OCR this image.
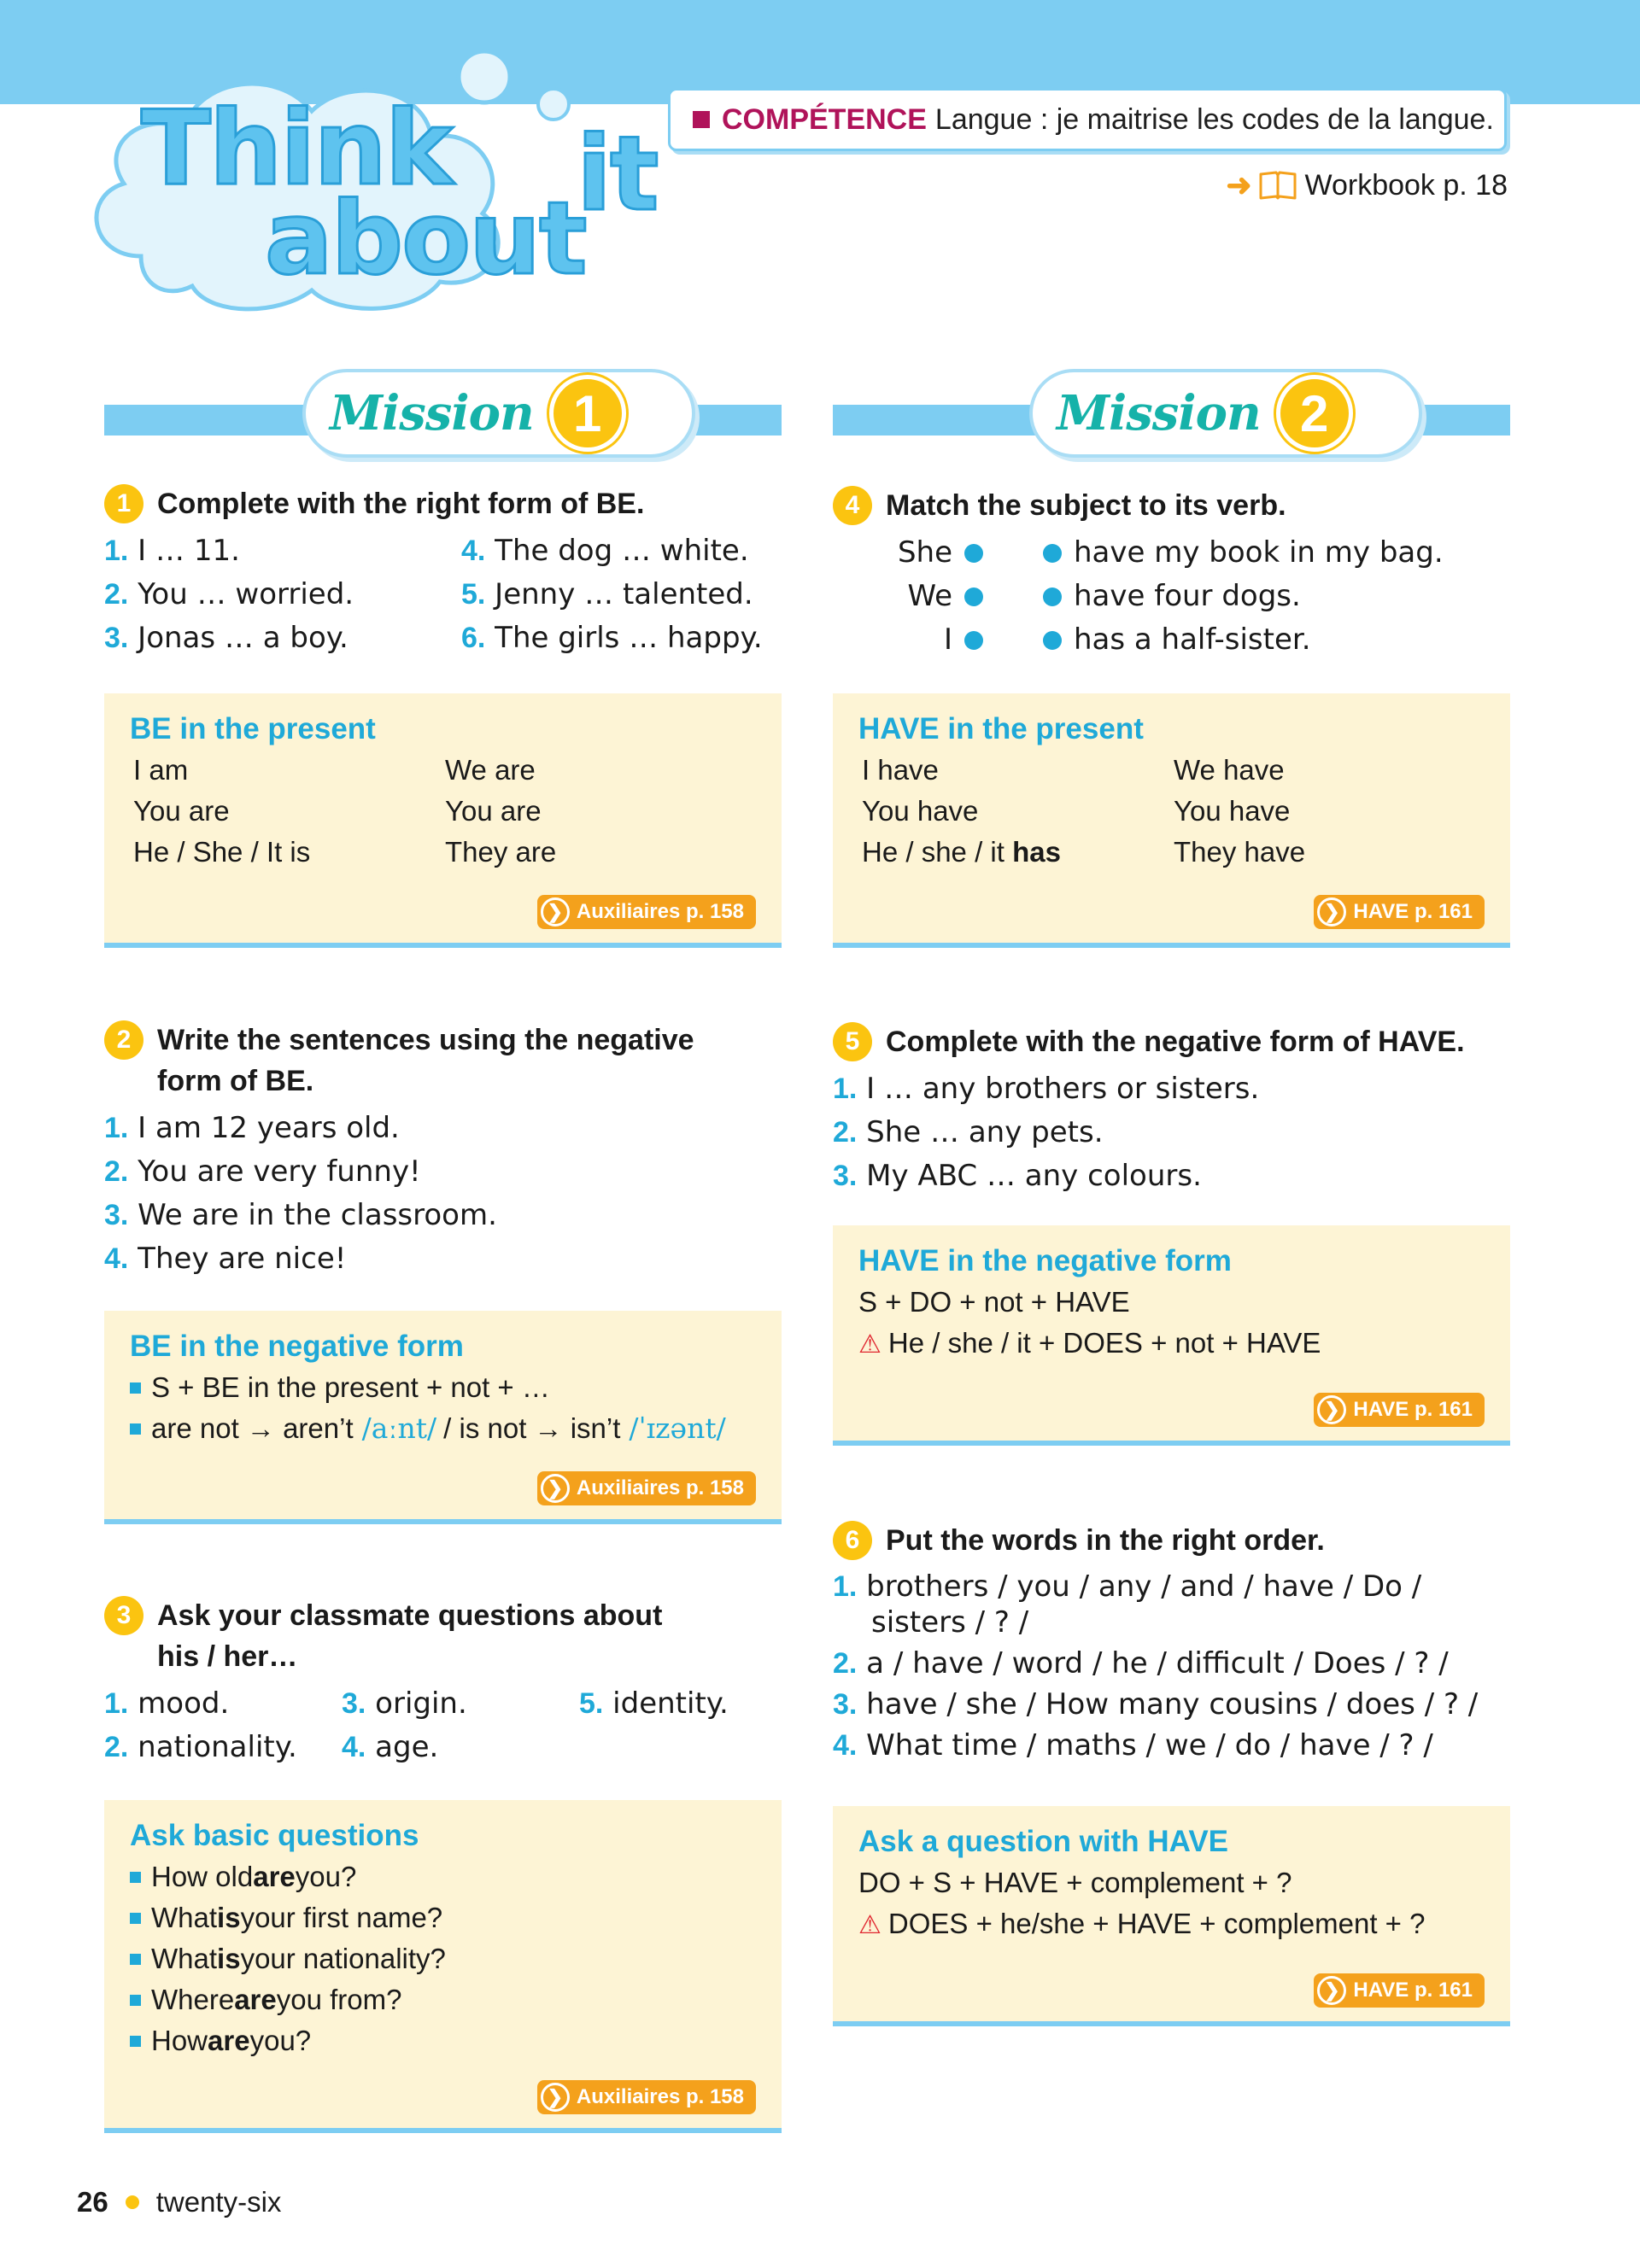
Think
about
it COMPÉTENCE Langue : je maitrise les codes de la langue.
➜ Workbook p. 18
Mission 1	Mission 2
1 Complete with the right form of BE.
1. I … 11.	4. The dog … white.
2. You … worried.	5. Jenny … talented.
3. Jonas … a boy.	6. The girls … happy.
BE in the present
I am	We are
You are	You are
He / She / It is	They are
❯ Auxiliaires p. 158
2 Write the sentences using the negative form of BE.
1. I am 12 years old.
2. You are very funny!
3. We are in the classroom.
4. They are nice!
BE in the negative form
S + BE in the present + not + …
are not → aren’t /aːnt/ / is not → isn’t /ˈɪzənt/
❯ Auxiliaires p. 158
3 Ask your classmate questions about his / her…
1. mood.	3. origin.	5. identity.
2. nationality.	4. age.
Ask basic questions
How old are you?
What is your first name?
What is your nationality?
Where are you from?
How are you?
❯ Auxiliaires p. 158
4 Match the subject to its verb.
She	have my book in my bag.
We	have four dogs.
I	has a half-sister.
HAVE in the present
I have	We have
You have	You have
He / she / it has	They have
❯ HAVE p. 161
5 Complete with the negative form of HAVE.
1. I … any brothers or sisters.
2. She … any pets.
3. My ABC … any colours.
HAVE in the negative form
S + DO + not + HAVE
⚠ He / she / it + DOES + not + HAVE
❯ HAVE p. 161
6 Put the words in the right order.
1. brothers / you / any / and / have / Do /
sisters / ? /
2. a / have / word / he / difficult / Does / ? /
3. have / she / How many cousins / does / ? /
4. What time / maths / we / do / have / ? /
Ask a question with HAVE
DO + S + HAVE + complement + ?
⚠ DOES + he/she + HAVE + complement + ?
❯ HAVE p. 161
26 twenty-six
